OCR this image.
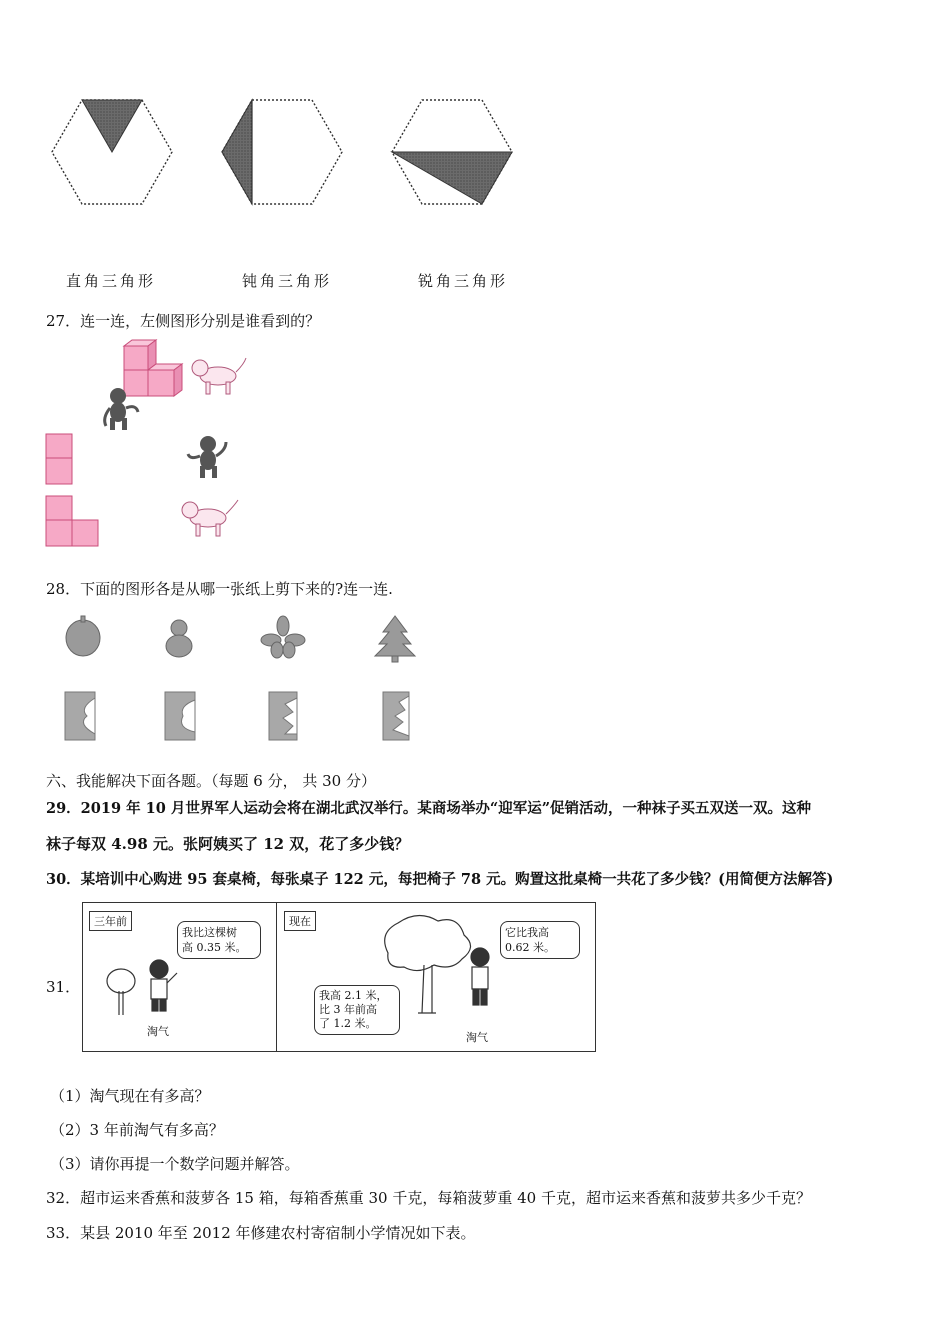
直角三角形	钝角三角形	锐角三角形
27．连一连，左侧图形分别是谁看到的？
28．下面的图形各是从哪一张纸上剪下来的?连一连.
六、我能解决下面各题。（每题 6 分， 共 30 分）
29．2019 年 10 月世界军人运动会将在湖北武汉举行。某商场举办“迎军运”促销活动，一种袜子买五双送一双。这种
袜子每双 4.98 元。张阿姨买了 12 双，花了多少钱？
30．某培训中心购进 95 套桌椅，每张桌子 122 元，每把椅子 78 元。购置这批桌椅一共花了多少钱？(用简便方法解答)
31．
三年前
我比这棵树
高 0.35 米。
淘气
现在
它比我高
0.62 米。
我高 2.1 米，
比 3 年前高
了 1.2 米。
淘气
（1）淘气现在有多高？
（2）3 年前淘气有多高？
（3）请你再提一个数学问题并解答。
32．超市运来香蕉和菠萝各 15 箱，每箱香蕉重 30 千克，每箱菠萝重 40 千克，超市运来香蕉和菠萝共多少千克？
33．某县 2010 年至 2012 年修建农村寄宿制小学情况如下表。
